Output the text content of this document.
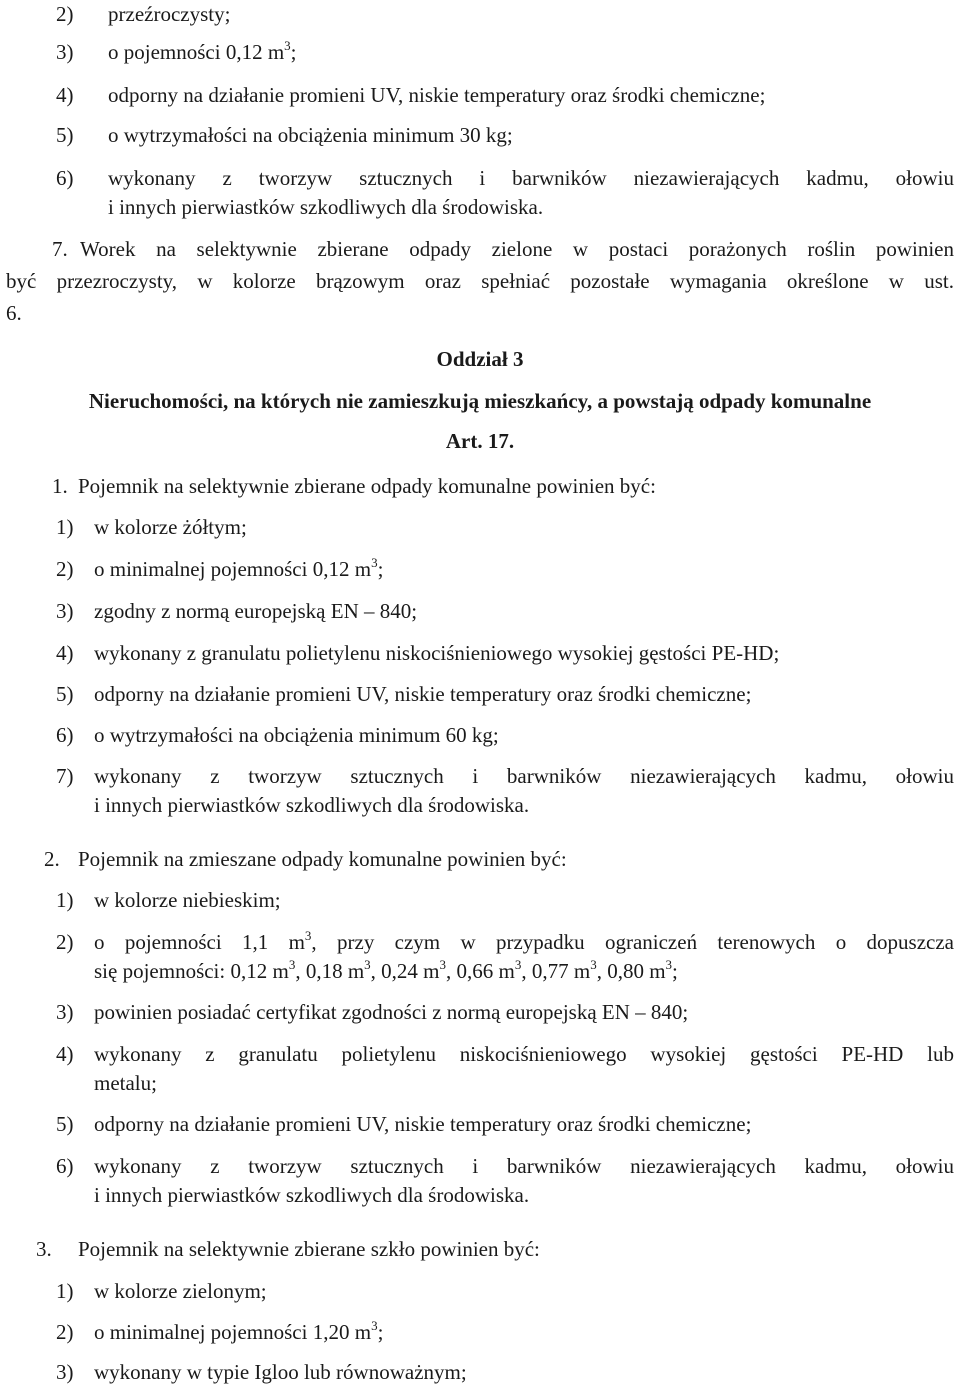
2) przeźroczysty;
3) o pojemności 0,12 $m^3$;
4) odporny na działanie promieni UV, niskie temperatury oraz środki chemiczne;
5) o wytrzymałości na obciążenia minimum 30 kg;
6) wykonany z tworzyw sztucznych i barwników niezawierających kadmu, ołowiu
i innych pierwiastków szkodliwych dla środowiska.
7. Worek na selektywnie zbierane odpady zielone w postaci porażonych roślin powinien
być przezroczysty, w kolorze brązowym oraz spełniać pozostałe wymagania określone w ust.
6.
Oddział 3
Nieruchomości, na których nie zamieszkują mieszkańcy, a powstają odpady komunalne
Art. 17.
1. Pojemnik na selektywnie zbierane odpady komunalne powinien być:
1) w kolorze żółtym;
2) o minimalnej pojemności 0,12 $m^3$;
3) zgodny z normą europejską EN – 840;
4) wykonany z granulatu polietylenu niskociśnieniowego wysokiej gęstości PE-HD;
5) odporny na działanie promieni UV, niskie temperatury oraz środki chemiczne;
6) o wytrzymałości na obciążenia minimum 60 kg;
7) wykonany z tworzyw sztucznych i barwników niezawierających kadmu, ołowiu
i innych pierwiastków szkodliwych dla środowiska.
2. Pojemnik na zmieszane odpady komunalne powinien być:
1) w kolorze niebieskim;
2) o pojemności 1,1 $m^3$, przy czym w przypadku ograniczeń terenowych o dopuszcza
się pojemności: 0,12 $m^3$, 0,18 $m^3$, 0,24 $m^3$, 0,66 $m^3$, 0,77 $m^3$, 0,80 $m^3$;
3) powinien posiadać certyfikat zgodności z normą europejską EN – 840;
4) wykonany z granulatu polietylenu niskociśnieniowego wysokiej gęstości PE-HD lub
metalu;
5) odporny na działanie promieni UV, niskie temperatury oraz środki chemiczne;
6) wykonany z tworzyw sztucznych i barwników niezawierających kadmu, ołowiu
i innych pierwiastków szkodliwych dla środowiska.
3. Pojemnik na selektywnie zbierane szkło powinien być:
1) w kolorze zielonym;
2) o minimalnej pojemności 1,20 $m^3$;
3) wykonany w typie Igloo lub równoważnym;
